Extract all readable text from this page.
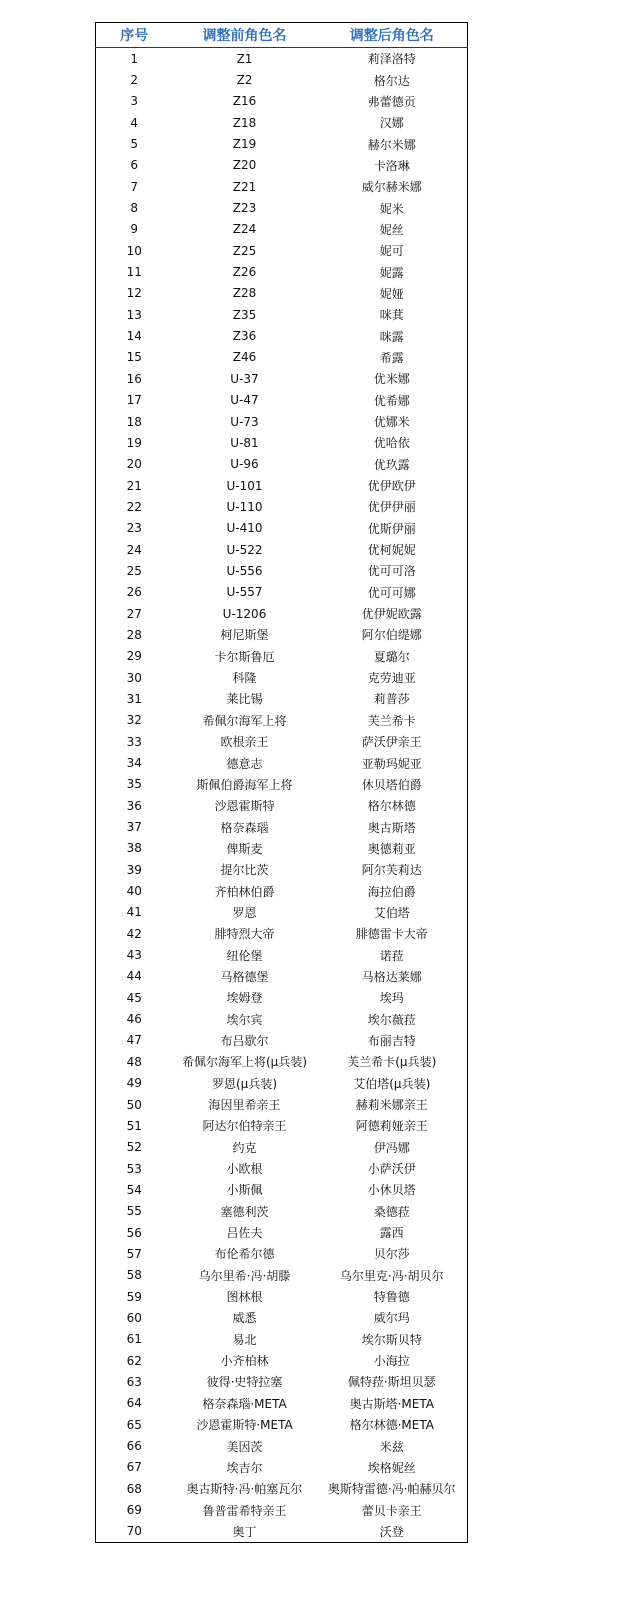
序号	调整前角色名	调整后角色名
1	Z1	莉泽洛特
2	Z2	格尔达
3	Z16	弗蕾德贡
4	Z18	汉娜
5	Z19	赫尔米娜
6	Z20	卡洛琳
7	Z21	威尔赫米娜
8	Z23	妮米
9	Z24	妮丝
10	Z25	妮可
11	Z26	妮露
12	Z28	妮娅
13	Z35	咪萁
14	Z36	咪露
15	Z46	希露
16	U-37	优米娜
17	U-47	优希娜
18	U-73	优娜米
19	U-81	优哈依
20	U-96	优玖露
21	U-101	优伊欧伊
22	U-110	优伊伊丽
23	U-410	优斯伊丽
24	U-522	优柯妮妮
25	U-556	优可可洛
26	U-557	优可可娜
27	U-1206	优伊妮欧露
28	柯尼斯堡	阿尔伯缇娜
29	卡尔斯鲁厄	夏璐尔
30	科隆	克劳迪亚
31	莱比锡	莉普莎
32	希佩尔海军上将	芙兰希卡
33	欧根亲王	萨沃伊亲王
34	德意志	亚勒玛妮亚
35	斯佩伯爵海军上将	休贝塔伯爵
36	沙恩霍斯特	格尔林德
37	格奈森瑙	奥古斯塔
38	俾斯麦	奥德莉亚
39	提尔比茨	阿尔芙莉达
40	齐柏林伯爵	海拉伯爵
41	罗恩	艾伯塔
42	腓特烈大帝	腓德雷卡大帝
43	纽伦堡	诺菈
44	马格德堡	马格达莱娜
45	埃姆登	埃玛
46	埃尔宾	埃尔薇菈
47	布吕歇尔	布丽吉特
48	希佩尔海军上将(μ兵装)	芙兰希卡(μ兵装)
49	罗恩(μ兵装)	艾伯塔(μ兵装)
50	海因里希亲王	赫莉米娜亲王
51	阿达尔伯特亲王	阿德莉娅亲王
52	约克	伊冯娜
53	小欧根	小萨沃伊
54	小斯佩	小休贝塔
55	塞德利茨	桑德菈
56	吕佐夫	露西
57	布伦希尔德	贝尔莎
58	乌尔里希·冯·胡滕	乌尔里克·冯·胡贝尔
59	图林根	特鲁德
60	威悉	威尔玛
61	易北	埃尔斯贝特
62	小齐柏林	小海拉
63	彼得·史特拉塞	佩特菈·斯坦贝瑟
64	格奈森瑙·META	奥古斯塔·META
65	沙恩霍斯特·META	格尔林德·META
66	美因茨	米兹
67	埃吉尔	埃格妮丝
68	奥古斯特·冯·帕塞瓦尔	奥斯特雷德·冯·帕赫贝尔
69	鲁普雷希特亲王	蕾贝卡亲王
70	奥丁	沃登
